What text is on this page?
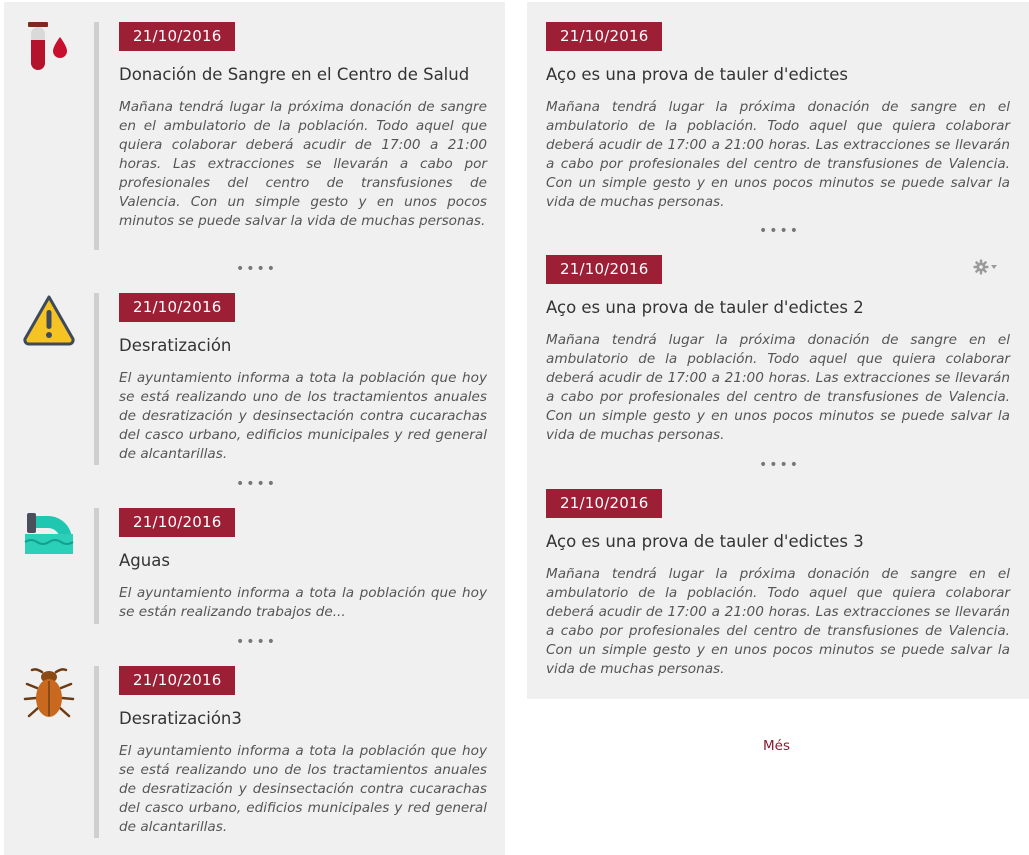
21/10/2016
Donación de Sangre en el Centro de Salud
Mañana tendrá lugar la próxima donación de sangre en el ambulatorio de la población. Todo aquel que quiera colaborar deberá acudir de 17:00 a 21:00 horas. Las extracciones se llevarán a cabo por profesionales del centro de transfusiones de Valencia. Con un simple gesto y en unos pocos minutos se puede salvar la vida de muchas personas.
••••
21/10/2016
Desratización
El ayuntamiento informa a tota la población que hoy se está realizando uno de los tractamientos anuales de desratización y desinsectación contra cucarachas del casco urbano, edificios municipales y red general de alcantarillas.
••••
21/10/2016
Aguas
El ayuntamiento informa a tota la población que hoy se están realizando trabajos de...
••••
21/10/2016
Desratización3
El ayuntamiento informa a tota la población que hoy se está realizando uno de los tractamientos anuales de desratización y desinsectación contra cucarachas del casco urbano, edificios municipales y red general de alcantarillas.
21/10/2016
Aço es una prova de tauler d'edictes
Mañana tendrá lugar la próxima donación de sangre en el ambulatorio de la población. Todo aquel que quiera colaborar deberá acudir de 17:00 a 21:00 horas. Las extracciones se llevarán a cabo por profesionales del centro de transfusiones de Valencia. Con un simple gesto y en unos pocos minutos se puede salvar la vida de muchas personas.
••••
21/10/2016
Aço es una prova de tauler d'edictes 2
Mañana tendrá lugar la próxima donación de sangre en el ambulatorio de la población. Todo aquel que quiera colaborar deberá acudir de 17:00 a 21:00 horas. Las extracciones se llevarán a cabo por profesionales del centro de transfusiones de Valencia. Con un simple gesto y en unos pocos minutos se puede salvar la vida de muchas personas.
••••
21/10/2016
Aço es una prova de tauler d'edictes 3
Mañana tendrá lugar la próxima donación de sangre en el ambulatorio de la población. Todo aquel que quiera colaborar deberá acudir de 17:00 a 21:00 horas. Las extracciones se llevarán a cabo por profesionales del centro de transfusiones de Valencia. Con un simple gesto y en unos pocos minutos se puede salvar la vida de muchas personas.
Més
